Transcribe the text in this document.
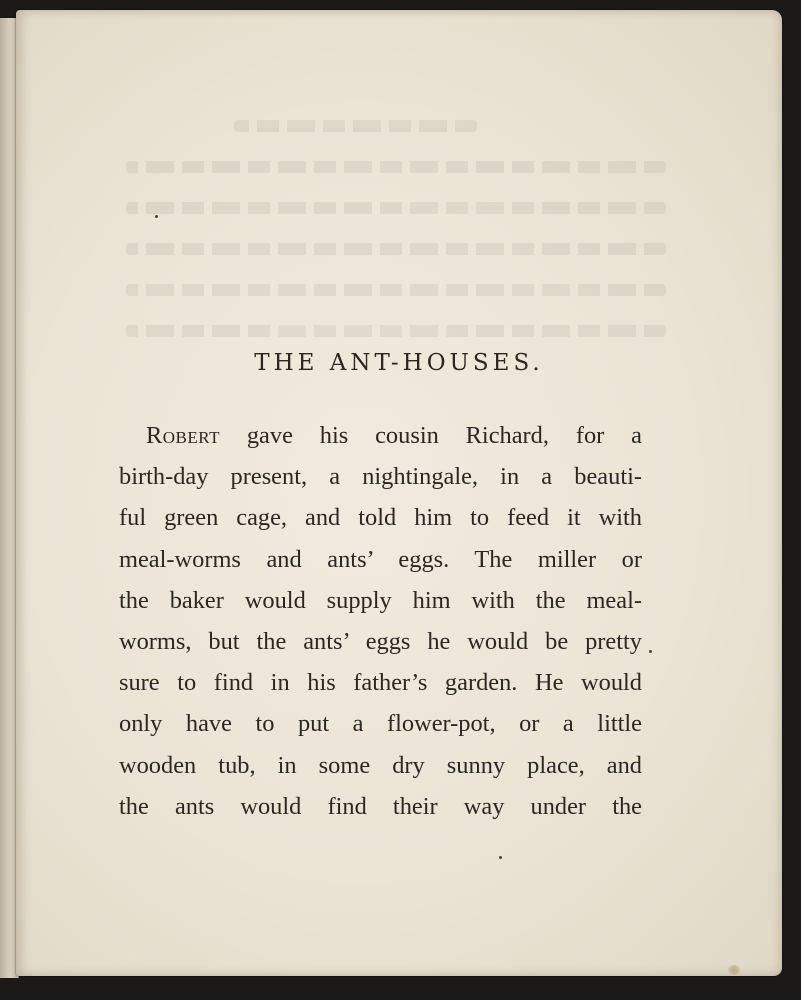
THE ANT-HOUSES.

Robert gave his cousin Richard, for a
birth-day present, a nightingale, in a beauti-
ful green cage, and told him to feed it with
meal-worms and ants’ eggs. The miller or
the baker would supply him with the meal-
worms, but the ants’ eggs he would be pretty
sure to find in his father’s garden. He would
only have to put a flower-pot, or a little
wooden tub, in some dry sunny place, and
the ants would find their way under the
